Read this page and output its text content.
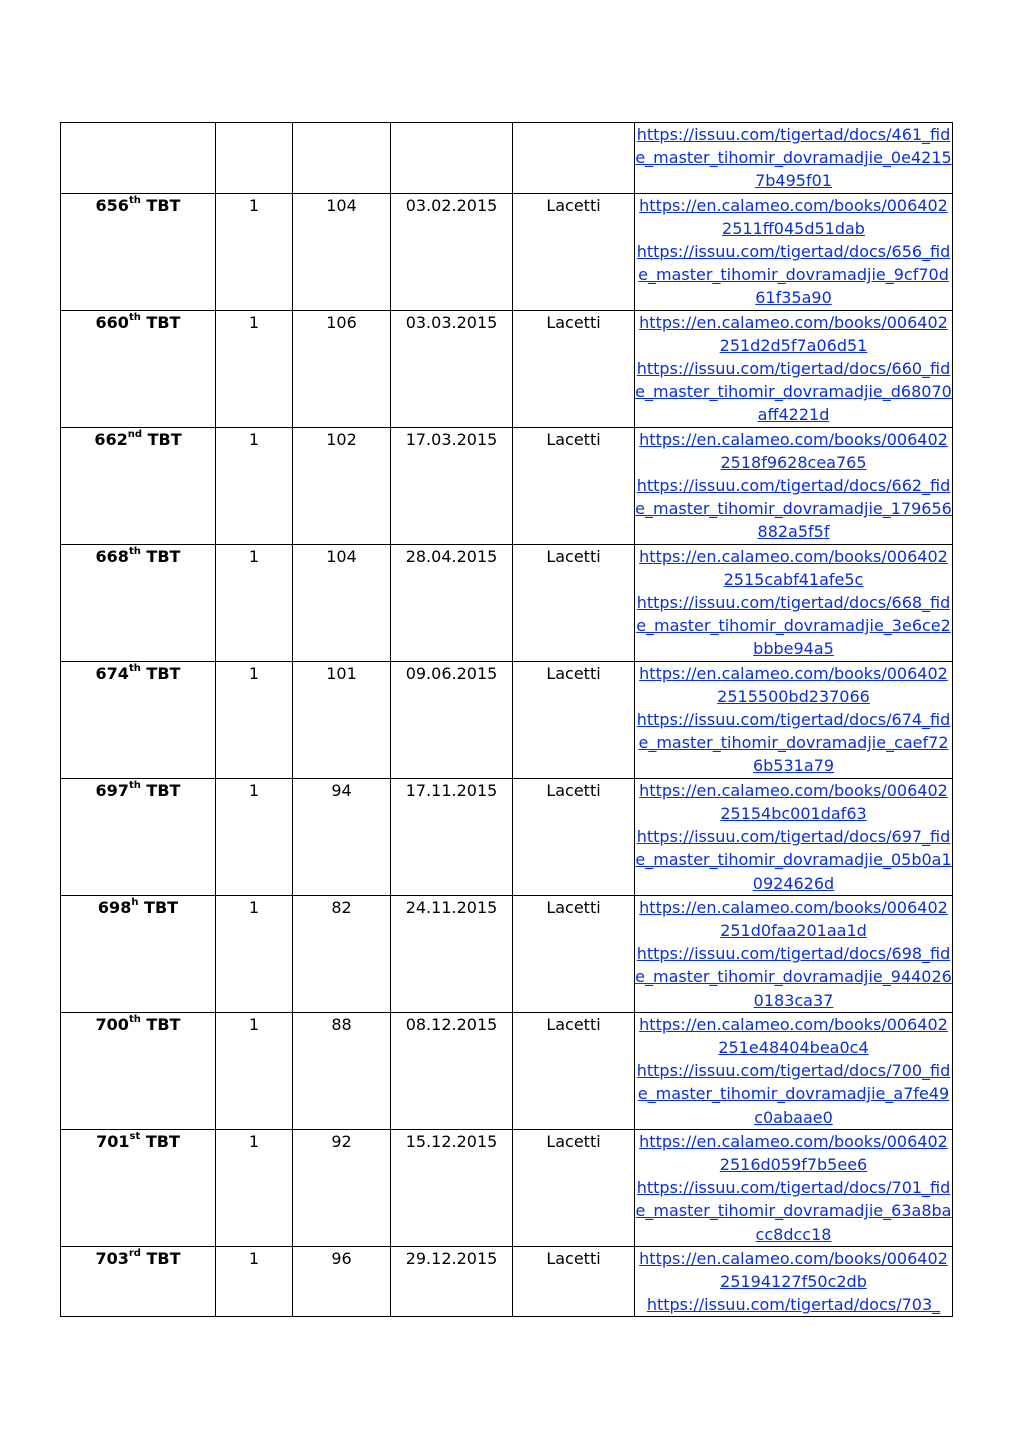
					https://issuu.com/tigertad/docs/461_fide_master_tihomir_dovramadjie_0e42157b495f01

656th TBT	1	104	03.02.2015	Lacetti	https://en.calameo.com/books/0064022511ff045d51dab
https://issuu.com/tigertad/docs/656_fide_master_tihomir_dovramadjie_9cf70d61f35a90

660th TBT	1	106	03.03.2015	Lacetti	https://en.calameo.com/books/006402251d2d5f7a06d51
https://issuu.com/tigertad/docs/660_fide_master_tihomir_dovramadjie_d68070aff4221d

662nd TBT	1	102	17.03.2015	Lacetti	https://en.calameo.com/books/0064022518f9628cea765
https://issuu.com/tigertad/docs/662_fide_master_tihomir_dovramadjie_179656882a5f5f

668th TBT	1	104	28.04.2015	Lacetti	https://en.calameo.com/books/0064022515cabf41afe5c
https://issuu.com/tigertad/docs/668_fide_master_tihomir_dovramadjie_3e6ce2bbbe94a5

674th TBT	1	101	09.06.2015	Lacetti	https://en.calameo.com/books/0064022515500bd237066
https://issuu.com/tigertad/docs/674_fide_master_tihomir_dovramadjie_caef726b531a79

697th TBT	1	94	17.11.2015	Lacetti	https://en.calameo.com/books/00640225154bc001daf63
https://issuu.com/tigertad/docs/697_fide_master_tihomir_dovramadjie_05b0a10924626d

698$^h$ TBT	1	82	24.11.2015	Lacetti	https://en.calameo.com/books/006402251d0faa201aa1d
https://issuu.com/tigertad/docs/698_fide_master_tihomir_dovramadjie_9440260183ca37

700th TBT	1	88	08.12.2015	Lacetti	https://en.calameo.com/books/006402251e48404bea0c4
https://issuu.com/tigertad/docs/700_fide_master_tihomir_dovramadjie_a7fe49c0abaae0

701st TBT	1	92	15.12.2015	Lacetti	https://en.calameo.com/books/0064022516d059f7b5ee6
https://issuu.com/tigertad/docs/701_fide_master_tihomir_dovramadjie_63a8bacc8dcc18

703rd TBT	1	96	29.12.2015	Lacetti	https://en.calameo.com/books/00640225194127f50c2db
https://issuu.com/tigertad/docs/703_
